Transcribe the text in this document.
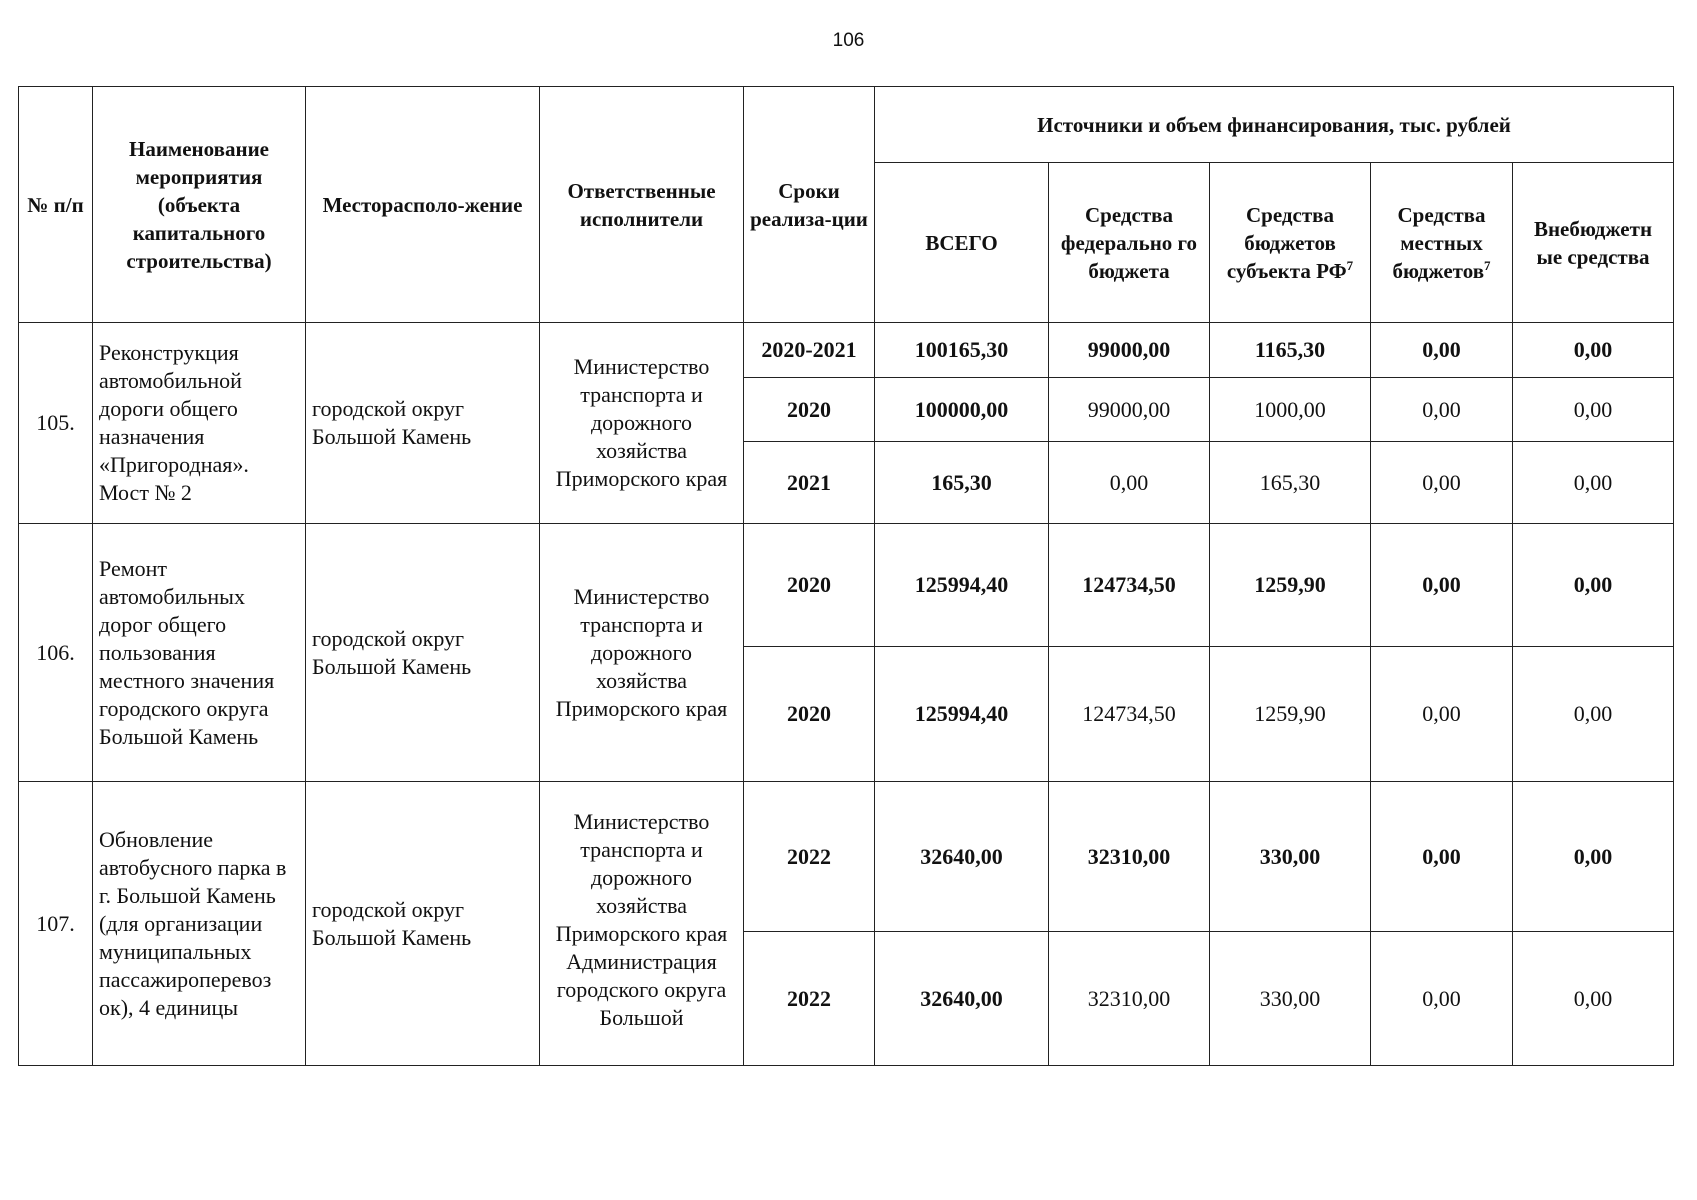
106
№ п/п	Наименование мероприятия (объекта капитального строительства)	Месторасполо-жение	Ответственные исполнители	Сроки реализа-ции	Источники и объем финансирования, тыс. рублей				
					ВСЕГО	Средства федерально го бюджета	Средства бюджетов субъекта $РФ^7$	Средства местных бюджетов$^7$	Внебюджетн ые средства
105.	Реконструкция автомобильной дороги общего назначения «Пригородная». Мост № 2	городской округ Большой Камень	Министерство транспорта и дорожного хозяйства Приморского края	2020-2021	100165,30	99000,00	1165,30	0,00	0,00
				2020	100000,00	99000,00	1000,00	0,00	0,00
				2021	165,30	0,00	165,30	0,00	0,00
106.	Ремонт автомобильных дорог общего пользования местного значения городского округа Большой Камень	городской округ Большой Камень	Министерство транспорта и дорожного хозяйства Приморского края	2020	125994,40	124734,50	1259,90	0,00	0,00
				2020	125994,40	124734,50	1259,90	0,00	0,00
107.	Обновление автобусного парка в г. Большой Камень (для организации муниципальных пассажироперевоз ок), 4 единицы	городской округ Большой Камень	Министерство транспорта и дорожного хозяйства Приморского края Администрация городского округа Большой	2022	32640,00	32310,00	330,00	0,00	0,00
				2022	32640,00	32310,00	330,00	0,00	0,00
